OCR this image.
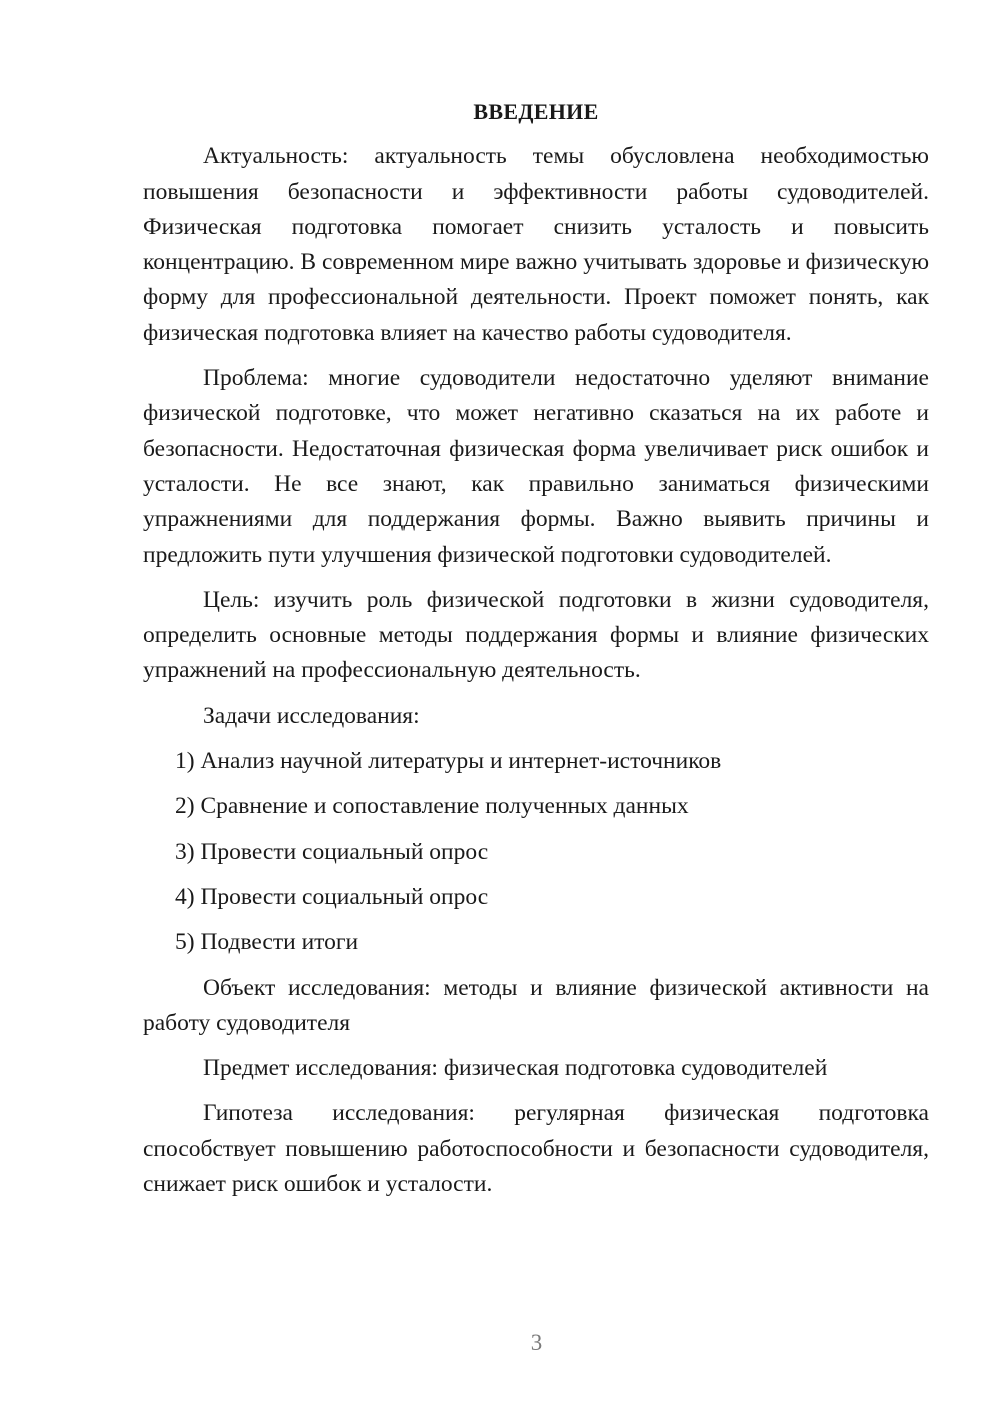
ВВЕДЕНИЕ

Актуальность: актуальность темы обусловлена необходимостью повышения безопасности и эффективности работы судоводителей. Физическая подготовка помогает снизить усталость и повысить концентрацию. В современном мире важно учитывать здоровье и физическую форму для профессиональной деятельности. Проект поможет понять, как физическая подготовка влияет на качество работы судоводителя.

Проблема: многие судоводители недостаточно уделяют внимание физической подготовке, что может негативно сказаться на их работе и безопасности. Недостаточная физическая форма увеличивает риск ошибок и усталости. Не все знают, как правильно заниматься физическими упражнениями для поддержания формы. Важно выявить причины и предложить пути улучшения физической подготовки судоводителей.

Цель: изучить роль физической подготовки в жизни судоводителя, определить основные методы поддержания формы и влияние физических упражнений на профессиональную деятельность.

Задачи исследования:

1) Анализ научной литературы и интернет-источников

2) Сравнение и сопоставление полученных данных

3) Провести социальный опрос

4) Провести социальный опрос

5) Подвести итоги

Объект исследования: методы и влияние физической активности на работу судоводителя

Предмет исследования: физическая подготовка судоводителей

Гипотеза исследования: регулярная физическая подготовка способствует повышению работоспособности и безопасности судоводителя, снижает риск ошибок и усталости.

3
